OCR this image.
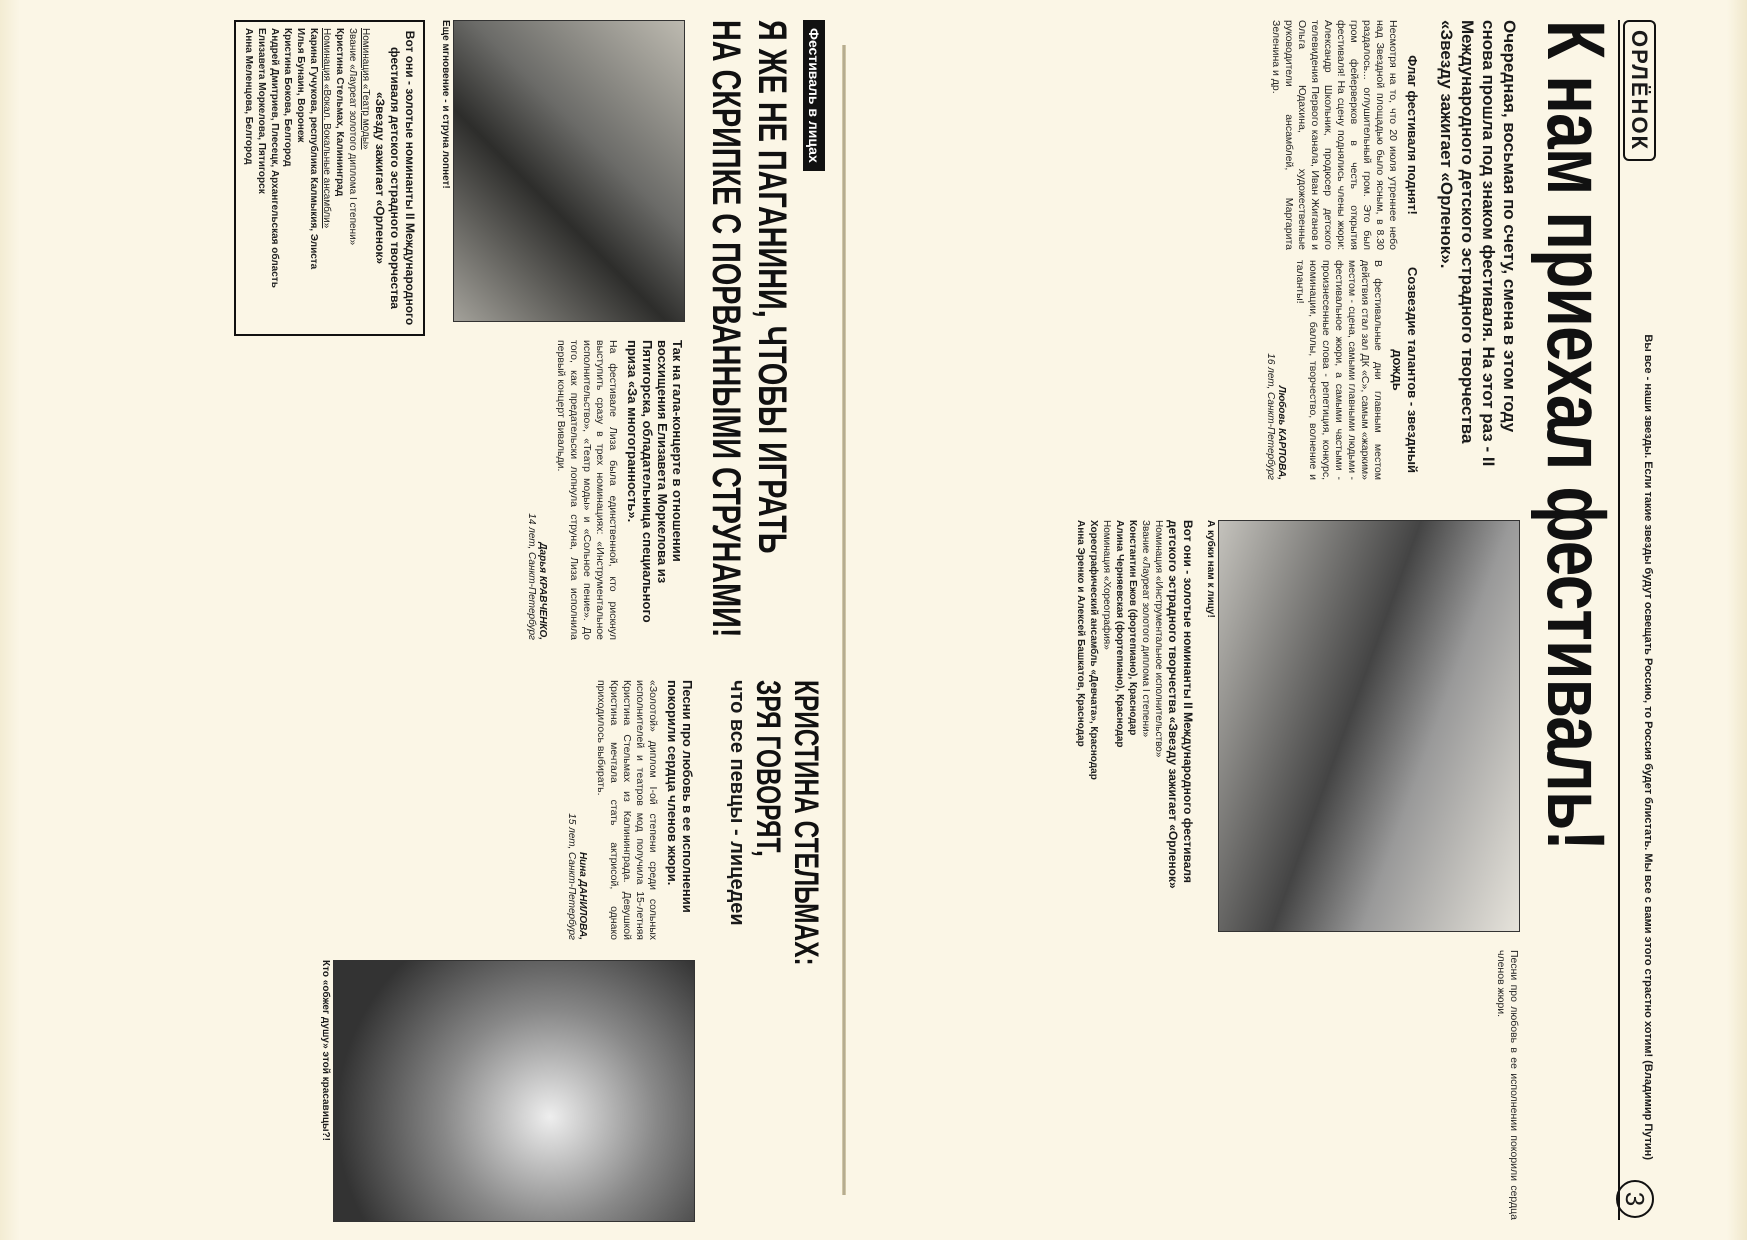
ОРЛЁНОК
Вы все - наши звезды. Если такие звезды будут освещать Россию, то Россия будет блистать. Мы все с вами этого страстно хотим! (Владимир Путин)
3
К нам приехал фестиваль!
Очередная, восьмая по счету, смена в этом году снова прошла под знаком фестиваля. На этот раз - II Международного детского эстрадного творчества «Звезду зажигает «Орленок».
Флаг фестиваля поднят!
Несмотря на то, что 20 июля утреннее небо над Звездной площадью было ясным, в 8.30 раздалось... оглушительный гром. Это был гром фейерверков в честь открытия фестиваля! На сцену поднялись члены жюри: Александр Школьник, продюсер детского телевидения Первого канала, Иван Жиганов и Ольга Юдахина, художественные руководители ансамблей, Маргарита Зеленина и др.
Созвездие талантов - звездный дождь
В фестивальные дни главным местом действия стал зал ДК «С», самым «жарким» местом - сцена, самыми главными людьми - фестивальное жюри, а самыми частыми - произнесенные слова - репетиция, конкурс, номинации, баллы, творчество, волнение и таланты!
Любовь КАРПОВА,
16 лет, Санкт-Петербург
А кубки нам к лицу!
Вот они - золотые номинанты II Международного фестиваля детского эстрадного творчества «Звезду зажигает «Орленок»
Номинация «Инструментальное исполнительство»
Звание «Лауреат золотого диплома I степени»
Константин Ежов (фортепиано), Краснодар
Алина Черняевская (фортепиано), Краснодар
Номинация «Хореография»
Хореографический ансамбль «Девчата», Краснодар
Анна Эренко и Алексей Башкатов, Краснодар
Песни про любовь в ее исполнении покорили сердца членов жюри.
Фестиваль в лицах
Я ЖЕ НЕ ПАГАНИНИ, ЧТОБЫ ИГРАТЬ
НА СКРИПКЕ С ПОРВАННЫМИ СТРУНАМИ!
Еще мгновение - и струна лопнет!
Так на гала-концерте в отношении восхищения Елизавета Моркелова из Пятигорска, обладательница специального приза «За многогранность».
На фестивале Лиза была единственной, кто рискнул выступить сразу в трех номинациях: «Инструментальное исполнительство», «Театр моды» и «Сольное пение». До того, как предательски лопнула струна, Лиза исполнила первый концерт Вивальди.
Дарья КРАВЧЕНКО,
14 лет, Санкт-Петербург
Вот они - золотые номинанты II Международного фестиваля детского эстрадного творчества «Звезду зажигает «Орленок»
Номинация «Театр моды»
Звание «Лауреат золотого диплома I степени»
Кристина Стельмах, Калининград
Номинация «Вокал. Вокальные ансамбли»
Карина Гучукова, республика Калмыкия, Элиста
Илья Бунаин, Воронеж
Кристина Бокова, Белгород
Андрей Дмитриев, Плесецк, Архангельская область
Елизавета Моркелова, Пятигорск
Анна Меленцова, Белгород
КРИСТИНА СТЕЛЬМАХ:
ЗРЯ ГОВОРЯТ,
что все певцы - лицедеи
Песни про любовь в ее исполнении покорили сердца членов жюри.
«Золотой» диплом I-ой степени среди сольных исполнителей и театров мод получила 15-летняя Кристина Стельмах из Калининграда. Девушкой Кристина мечтала стать актрисой, однако приходилось выбирать.
Нина ДАНИЛОВА,
15 лет, Санкт-Петербург
Кто «обжег душу» этой красавицы?!
